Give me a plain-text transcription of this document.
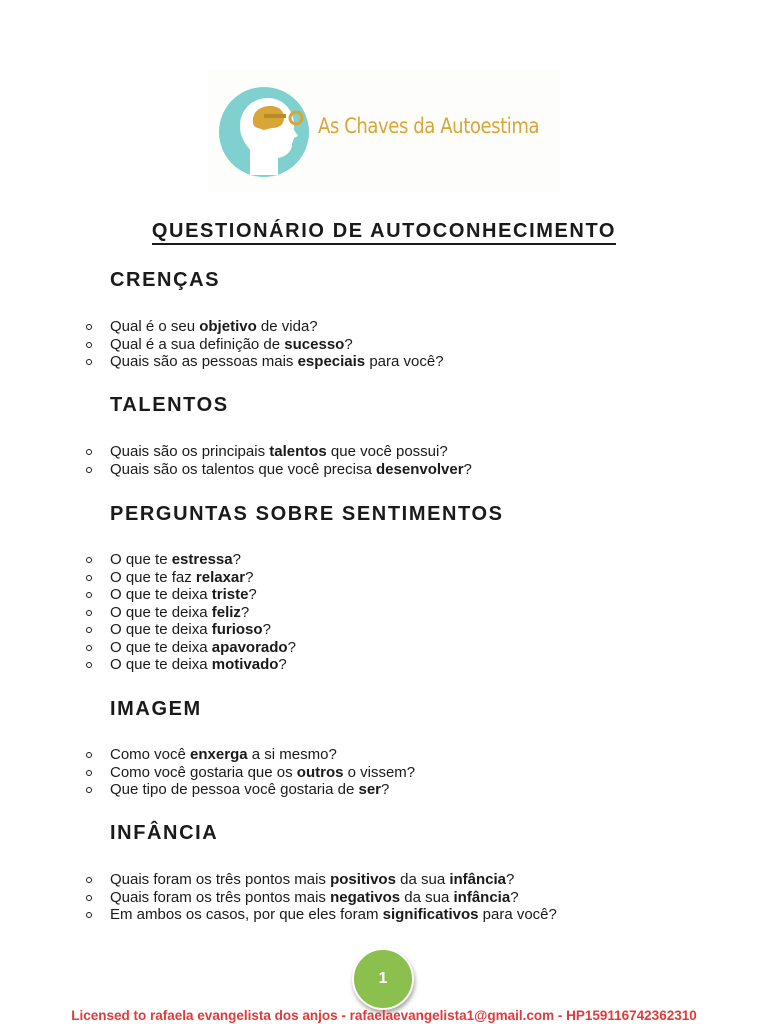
As Chaves da Autoestima
QUESTIONÁRIO DE AUTOCONHECIMENTO
CRENÇAS
Qual é o seu objetivo de vida?
Qual é a sua definição de sucesso?
Quais são as pessoas mais especiais para você?
TALENTOS
Quais são os principais talentos que você possui?
Quais são os talentos que você precisa desenvolver?
PERGUNTAS SOBRE SENTIMENTOS
O que te estressa?
O que te faz relaxar?
O que te deixa triste?
O que te deixa feliz?
O que te deixa furioso?
O que te deixa apavorado?
O que te deixa motivado?
IMAGEM
Como você enxerga a si mesmo?
Como você gostaria que os outros o vissem?
Que tipo de pessoa você gostaria de ser?
INFÂNCIA
Quais foram os três pontos mais positivos da sua infância?
Quais foram os três pontos mais negativos da sua infância?
Em ambos os casos, por que eles foram significativos para você?
1
Licensed to rafaela evangelista dos anjos - rafaelaevangelista1@gmail.com - HP159116742362310
